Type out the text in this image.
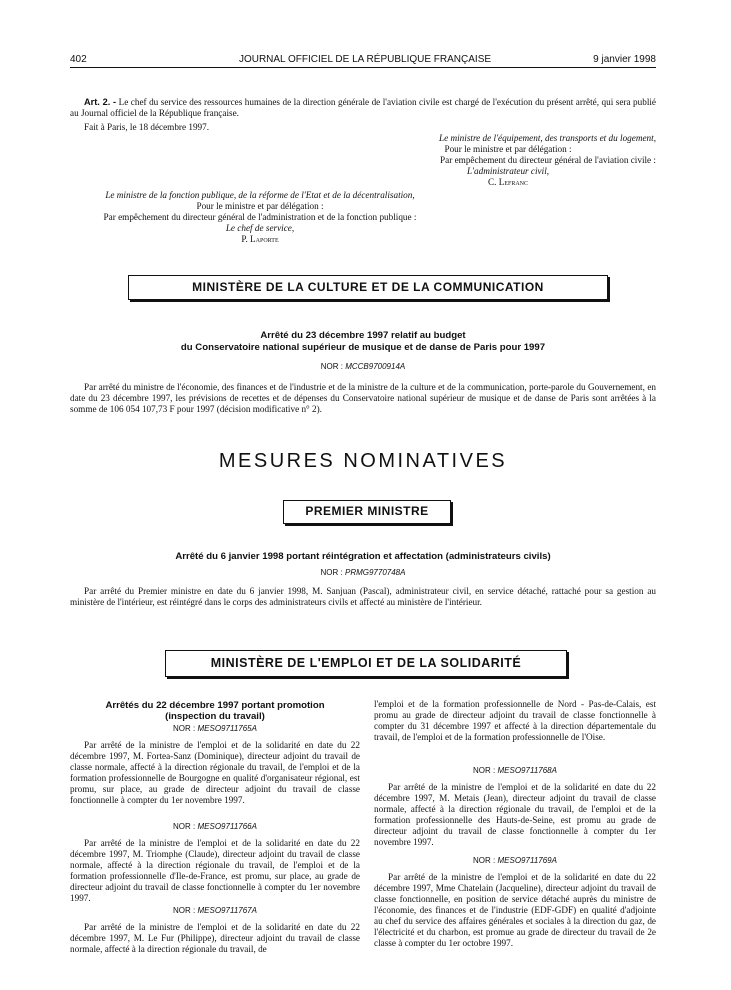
402	JOURNAL OFFICIEL DE LA RÉPUBLIQUE FRANÇAISE	9 janvier 1998
Art. 2. - Le chef du service des ressources humaines de la direction générale de l'aviation civile est chargé de l'exécution du présent arrêté, qui sera publié au Journal officiel de la République française.
Fait à Paris, le 18 décembre 1997.
Le ministre de l'équipement, des transports et du logement,
Pour le ministre et par délégation :
Par empêchement du directeur général de l'aviation civile :
L'administrateur civil,
C. Lefranc
Le ministre de la fonction publique, de la réforme de l'Etat et de la décentralisation,
Pour le ministre et par délégation :
Par empêchement du directeur général de l'administration et de la fonction publique :
Le chef de service,
P. Laporte
MINISTÈRE DE LA CULTURE ET DE LA COMMUNICATION
Arrêté du 23 décembre 1997 relatif au budget
du Conservatoire national supérieur de musique et de danse de Paris pour 1997
NOR : MCCB9700914A
Par arrêté du ministre de l'économie, des finances et de l'industrie et de la ministre de la culture et de la communication, porte-parole du Gouvernement, en date du 23 décembre 1997, les prévisions de recettes et de dépenses du Conservatoire national supérieur de musique et de danse de Paris sont arrêtées à la somme de 106 054 107,73 F pour 1997 (décision modificative n° 2).
MESURES NOMINATIVES
PREMIER MINISTRE
Arrêté du 6 janvier 1998 portant réintégration et affectation (administrateurs civils)
NOR : PRMG9770748A
Par arrêté du Premier ministre en date du 6 janvier 1998, M. Sanjuan (Pascal), administrateur civil, en service détaché, rattaché pour sa gestion au ministère de l'intérieur, est réintégré dans le corps des administrateurs civils et affecté au ministère de l'intérieur.
MINISTÈRE DE L'EMPLOI ET DE LA SOLIDARITÉ
Arrêtés du 22 décembre 1997 portant promotion
(inspection du travail)
NOR : MESO9711765A
Par arrêté de la ministre de l'emploi et de la solidarité en date du 22 décembre 1997, M. Fortea-Sanz (Dominique), directeur adjoint du travail de classe normale, affecté à la direction régionale du travail, de l'emploi et de la formation professionnelle de Bourgogne en qualité d'organisateur régional, est promu, sur place, au grade de directeur adjoint du travail de classe fonctionnelle à compter du 1er novembre 1997.
NOR : MESO9711766A
Par arrêté de la ministre de l'emploi et de la solidarité en date du 22 décembre 1997, M. Triomphe (Claude), directeur adjoint du travail de classe normale, affecté à la direction régionale du travail, de l'emploi et de la formation professionnelle d'Ile-de-France, est promu, sur place, au grade de directeur adjoint du travail de classe fonctionnelle à compter du 1er novembre 1997.
NOR : MESO9711767A
Par arrêté de la ministre de l'emploi et de la solidarité en date du 22 décembre 1997, M. Le Fur (Philippe), directeur adjoint du travail de classe normale, affecté à la direction régionale du travail, de
l'emploi et de la formation professionnelle de Nord - Pas-de-Calais, est promu au grade de directeur adjoint du travail de classe fonctionnelle à compter du 31 décembre 1997 et affecté à la direction départementale du travail, de l'emploi et de la formation professionnelle de l'Oise.
NOR : MESO9711768A
Par arrêté de la ministre de l'emploi et de la solidarité en date du 22 décembre 1997, M. Metais (Jean), directeur adjoint du travail de classe normale, affecté à la direction régionale du travail, de l'emploi et de la formation professionnelle des Hauts-de-Seine, est promu au grade de directeur adjoint du travail de classe fonctionnelle à compter du 1er novembre 1997.
NOR : MESO9711769A
Par arrêté de la ministre de l'emploi et de la solidarité en date du 22 décembre 1997, Mme Chatelain (Jacqueline), directeur adjoint du travail de classe fonctionnelle, en position de service détaché auprès du ministre de l'économie, des finances et de l'industrie (EDF-GDF) en qualité d'adjointe au chef du service des affaires générales et sociales à la direction du gaz, de l'électricité et du charbon, est promue au grade de directeur du travail de 2e classe à compter du 1er octobre 1997.
